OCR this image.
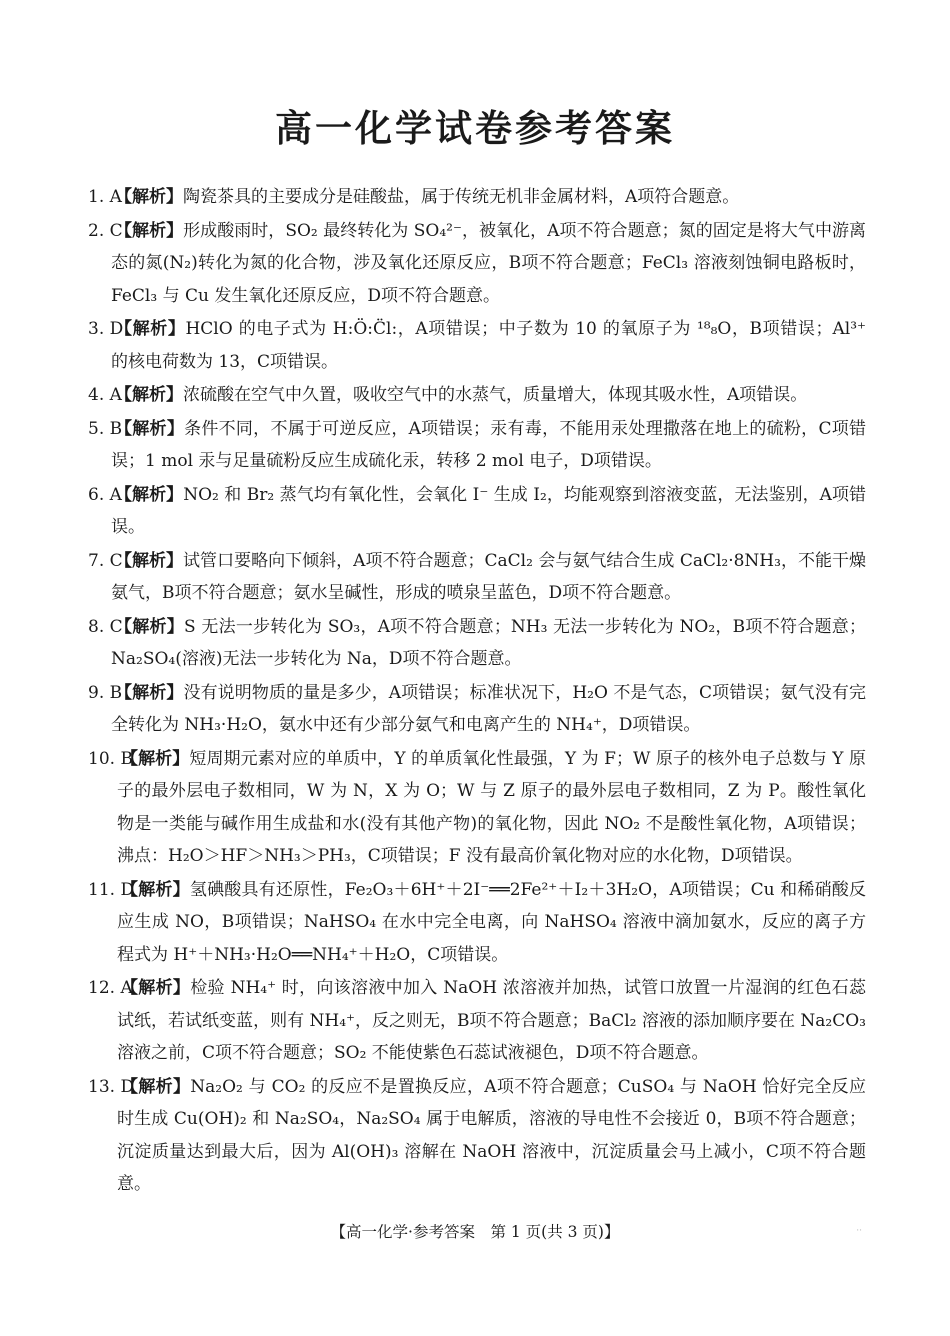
高一化学试卷参考答案
1. A
【解析】陶瓷茶具的主要成分是硅酸盐，属于传统无机非金属材料，A项符合题意。
2. C
【解析】形成酸雨时，SO₂ 最终转化为 SO₄²⁻，被氧化，A项不符合题意；氮的固定是将大气中游离态的氮(N₂)转化为氮的化合物，涉及氧化还原反应，B项不符合题意；FeCl₃ 溶液刻蚀铜电路板时，FeCl₃ 与 Cu 发生氧化还原反应，D项不符合题意。
3. D
【解析】HClO 的电子式为 H:Ö:C̈l:，A项错误；中子数为 10 的氧原子为 ¹⁸₈O，B项错误；Al³⁺ 的核电荷数为 13，C项错误。
4. A
【解析】浓硫酸在空气中久置，吸收空气中的水蒸气，质量增大，体现其吸水性，A项错误。
5. B
【解析】条件不同，不属于可逆反应，A项错误；汞有毒，不能用汞处理撒落在地上的硫粉，C项错误；1 mol 汞与足量硫粉反应生成硫化汞，转移 2 mol 电子，D项错误。
6. A
【解析】NO₂ 和 Br₂ 蒸气均有氧化性，会氧化 I⁻ 生成 I₂，均能观察到溶液变蓝，无法鉴别，A项错误。
7. C
【解析】试管口要略向下倾斜，A项不符合题意；CaCl₂ 会与氨气结合生成 CaCl₂·8NH₃，不能干燥氨气，B项不符合题意；氨水呈碱性，形成的喷泉呈蓝色，D项不符合题意。
8. C
【解析】S 无法一步转化为 SO₃，A项不符合题意；NH₃ 无法一步转化为 NO₂，B项不符合题意；Na₂SO₄(溶液)无法一步转化为 Na，D项不符合题意。
9. B
【解析】没有说明物质的量是多少，A项错误；标准状况下，H₂O 不是气态，C项错误；氨气没有完全转化为 NH₃·H₂O，氨水中还有少部分氨气和电离产生的 NH₄⁺，D项错误。
10. B
【解析】短周期元素对应的单质中，Y 的单质氧化性最强，Y 为 F；W 原子的核外电子总数与 Y 原子的最外层电子数相同，W 为 N，X 为 O；W 与 Z 原子的最外层电子数相同，Z 为 P。酸性氧化物是一类能与碱作用生成盐和水(没有其他产物)的氧化物，因此 NO₂ 不是酸性氧化物，A项错误；沸点：H₂O＞HF＞NH₃＞PH₃，C项错误；F 没有最高价氧化物对应的水化物，D项错误。
11. D
【解析】氢碘酸具有还原性，Fe₂O₃＋6H⁺＋2I⁻══2Fe²⁺＋I₂＋3H₂O，A项错误；Cu 和稀硝酸反应生成 NO，B项错误；NaHSO₄ 在水中完全电离，向 NaHSO₄ 溶液中滴加氨水，反应的离子方程式为 H⁺＋NH₃·H₂O══NH₄⁺＋H₂O，C项错误。
12. A
【解析】检验 NH₄⁺ 时，向该溶液中加入 NaOH 浓溶液并加热，试管口放置一片湿润的红色石蕊试纸，若试纸变蓝，则有 NH₄⁺，反之则无，B项不符合题意；BaCl₂ 溶液的添加顺序要在 Na₂CO₃ 溶液之前，C项不符合题意；SO₂ 不能使紫色石蕊试液褪色，D项不符合题意。
13. D
【解析】Na₂O₂ 与 CO₂ 的反应不是置换反应，A项不符合题意；CuSO₄ 与 NaOH 恰好完全反应时生成 Cu(OH)₂ 和 Na₂SO₄，Na₂SO₄ 属于电解质，溶液的导电性不会接近 0，B项不符合题意；沉淀质量达到最大后，因为 Al(OH)₃ 溶解在 NaOH 溶液中，沉淀质量会马上减小，C项不符合题意。
【高一化学·参考答案　第 1 页(共 3 页)】	··
